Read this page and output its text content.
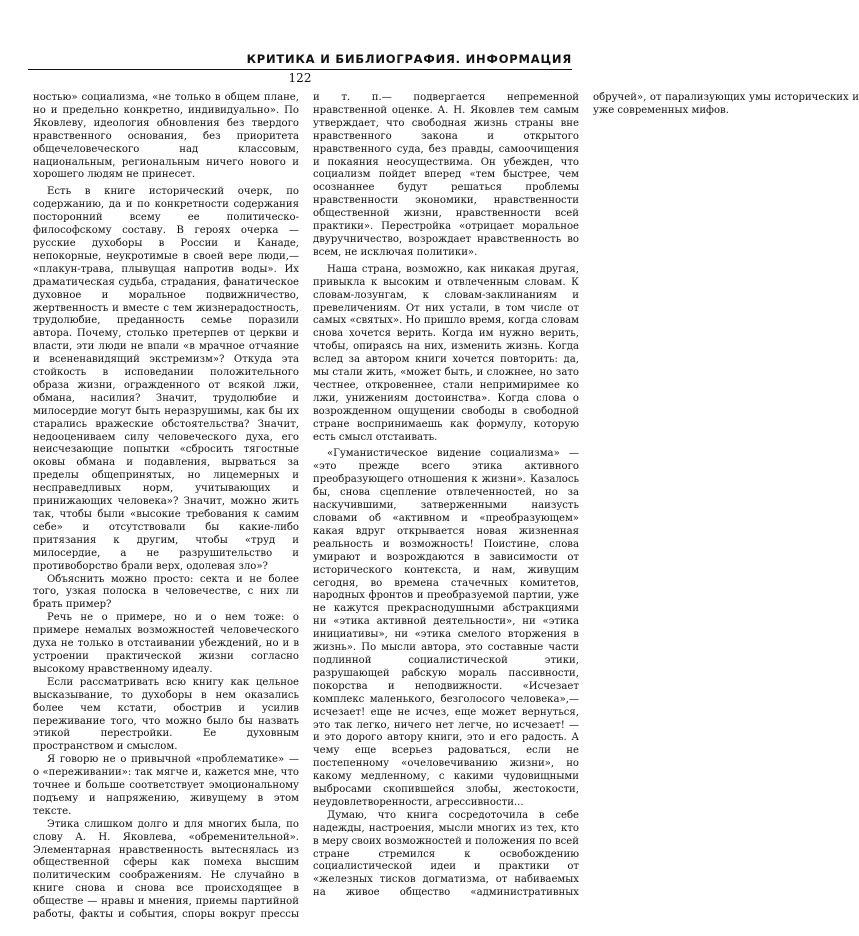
КРИТИКА И БИБЛИОГРАФИЯ. ИНФОРМАЦИЯ
122

ностью» социализма, «не только в общем плане, но и предельно конкретно, индивидуально». По Яковлеву, идеология обновления без твердого нравственного основания, без приоритета общечеловеческого над классовым, национальным, региональным ничего нового и хорошего людям не принесет.

Есть в книге исторический очерк, по содержанию, да и по конкретности содержания посторонний всему ее политическо-философскому составу. В героях очерка — русские духоборы в России и Канаде, непокорные, неукротимые в своей вере люди,— «плакун-трава, плывущая напротив воды». Их драматическая судьба, страдания, фанатическое духовное и моральное подвижничество, жертвенность и вместе с тем жизнерадостность, трудолюбие, преданность семье поразили автора. Почему, столько претерпев от церкви и власти, эти люди не впали «в мрачное отчаяние и всененавидящий экстремизм»? Откуда эта стойкость в исповедании положительного образа жизни, огражденного от всякой лжи, обмана, насилия? Значит, трудолюбие и милосердие могут быть неразрушимы, как бы их старались вражеские обстоятельства? Значит, недооцениваем силу человеческого духа, его неисчезающие попытки «сбросить тягостные оковы обмана и подавления, вырваться за пределы общепринятых, но лицемерных и несправедливых норм, учитывающих и принижающих человека»? Значит, можно жить так, чтобы были «высокие требования к самим себе» и отсутствовали бы какие-либо притязания к другим, чтобы «труд и милосердие, а не разрушительство и противоборство брали верх, одолевая зло»?

Объяснить можно просто: секта и не более того, узкая полоска в человечестве, с них ли брать пример?

Речь не о примере, но и о нем тоже: о примере немалых возможностей человеческого духа не только в отстаивании убеждений, но и в устроении практической жизни согласно высокому нравственному идеалу.

Если рассматривать всю книгу как цельное высказывание, то духоборы в нем оказались более чем кстати, обострив и усилив переживание того, что можно было бы назвать этикой перестройки. Ее духовным пространством и смыслом.

Я говорю не о привычной «проблематике» — о «переживании»: так мягче и, кажется мне, что точнее и больше соответствует эмоциональному подъему и напряжению, живущему в этом тексте.

Этика слишком долго и для многих была, по слову А. Н. Яковлева, «обременительной». Элементарная нравственность вытеснялась из общественной сферы как помеха высшим политическим соображениям. Не случайно в книге снова и снова все происходящее в обществе — нравы и мнения, приемы партийной работы, факты и события, споры вокруг прессы и т. п.— подвергается непременной нравственной оценке. А. Н. Яковлев тем самым утверждает, что свободная жизнь страны вне нравственного закона и открытого нравственного суда, без правды, самоочищения и покаяния неосуществима. Он убежден, что социализм пойдет вперед «тем быстрее, чем осознаннее будут решаться проблемы нравственности экономики, нравственности общественной жизни, нравственности всей практики». Перестройка «отрицает моральное двуручничество, возрождает нравственность во всем, не исключая политики».

Наша страна, возможно, как никакая другая, привыкла к высоким и отвлеченным словам. К словам-лозунгам, к словам-заклинаниям и превеличениям. От них устали, в том числе от самых «святых». Но пришло время, когда словам снова хочется верить. Когда им нужно верить, чтобы, опираясь на них, изменить жизнь. Когда вслед за автором книги хочется повторить: да, мы стали жить, «может быть, и сложнее, но зато честнее, откровеннее, стали непримиримее ко лжи, унижениям достоинства». Когда слова о возрожденном ощущении свободы в свободной стране воспринимаешь как формулу, которую есть смысл отстаивать.

«Гуманистическое видение социализма» — «это прежде всего этика активного преобразующего отношения к жизни». Казалось бы, снова сцепление отвлеченностей, но за наскучившими, затверженными наизусть словами об «активном и «преобразующем» какая вдруг открывается новая жизненная реальность и возможность! Поистине, слова умирают и возрождаются в зависимости от исторического контекста, и нам, живущим сегодня, во времена стачечных комитетов, народных фронтов и преобразуемой партии, уже не кажутся прекраснодушными абстракциями ни «этика активной деятельности», ни «этика инициативы», ни «этика смелого вторжения в жизнь». По мысли автора, это составные части подлинной социалистической этики, разрушающей рабскую мораль пассивности, покорства и неподвижности. «Исчезает комплекс маленького, безголосого человека»,— исчезает! еще не исчез, еще может вернуться, это так легко, ничего нет легче, но исчезает! — и это дорого автору книги, это и его радость. А чему еще всерьез радоваться, если не постепенному «очеловечиванию жизни», но какому медленному, с какими чудовищными выбросами скопившейся злобы, жестокости, неудовлетворенности, агрессивности...

Думаю, что книга сосредоточила в себе надежды, настроения, мысли многих из тех, кто в меру своих возможностей и положения по всей стране стремился к освобождению социалистической идеи и практики от «железных тисков догматизма, от набиваемых на живое общество «административных обручей», от парализующих умы исторических и уже современных мифов.
